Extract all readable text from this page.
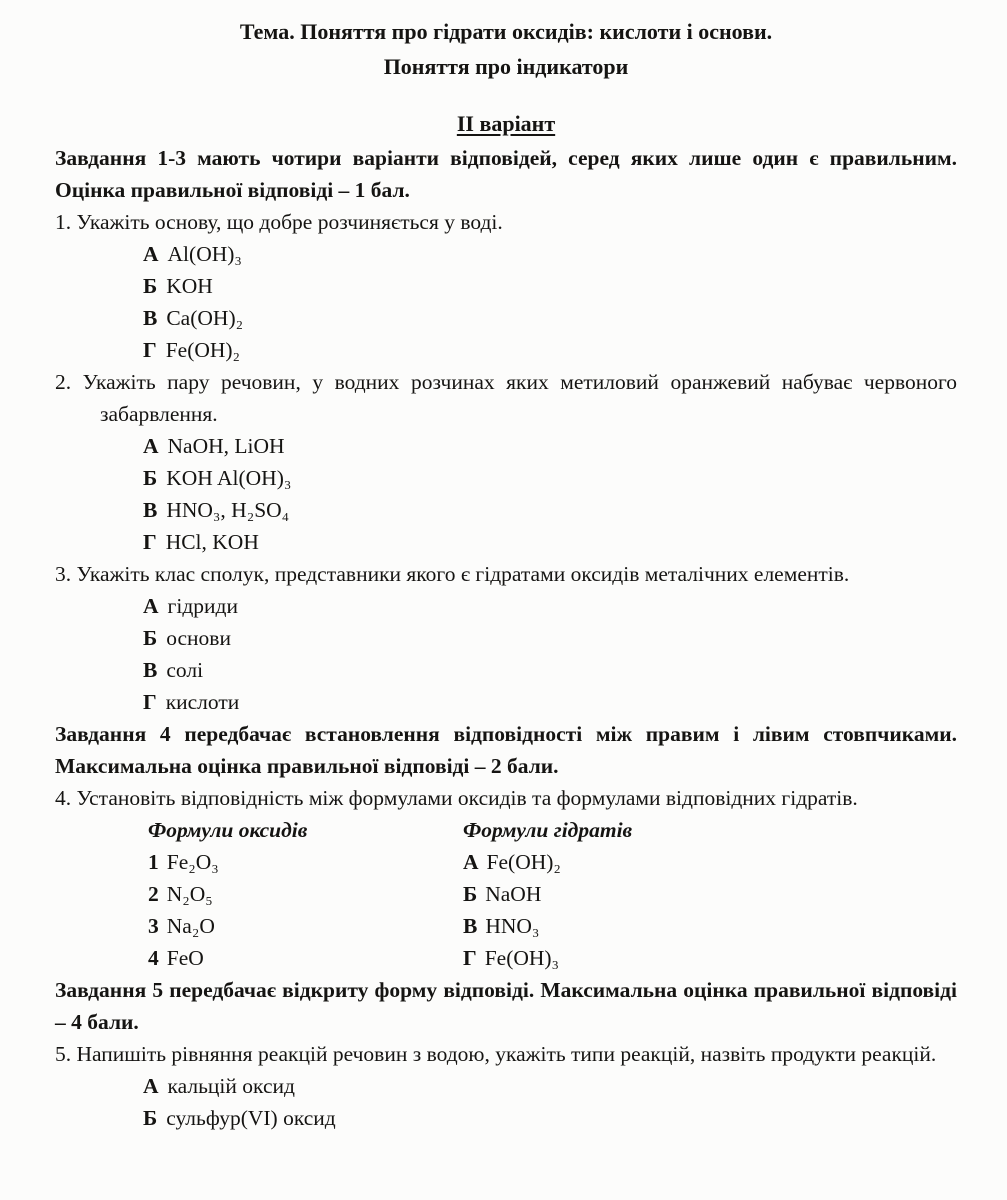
Тема. Поняття про гідрати оксидів: кислоти і основи.
Поняття про індикатори
ІІ варіант

Завдання 1-3 мають чотири варіанти відповідей, серед яких лише один є правильним. Оцінка правильної відповіді – 1 бал.

1. Укажіть основу, що добре розчиняється у воді.

А Al(OH)₃
Б KOH
В Ca(OH)₂
Г Fe(OH)₂

2. Укажіть пару речовин, у водних розчинах яких метиловий оранжевий набуває червоного забарвлення.

А NaOH, LiOH
Б KOH Al(OH)₃
В HNO₃, H₂SO₄
Г HCl, KOH

3. Укажіть клас сполук, представники якого є гідратами оксидів металічних елементів.

А гідриди
Б основи
В солі
Г кислоти

Завдання 4 передбачає встановлення відповідності між правим і лівим стовпчиками. Максимальна оцінка правильної відповіді – 2 бали.

4. Установіть відповідність між формулами оксидів та формулами відповідних гідратів.

Формули оксидів	Формули гідратів
1 Fe₂O₃	А Fe(OH)₂
2 N₂O₅	Б NaOH
3 Na₂O	В HNO₃
4 FeO	Г Fe(OH)₃

Завдання 5 передбачає відкриту форму відповіді. Максимальна оцінка правильної відповіді – 4 бали.

5. Напишіть рівняння реакцій речовин з водою, укажіть типи реакцій, назвіть продукти реакцій.

А кальцій оксид
Б сульфур(VI) оксид
